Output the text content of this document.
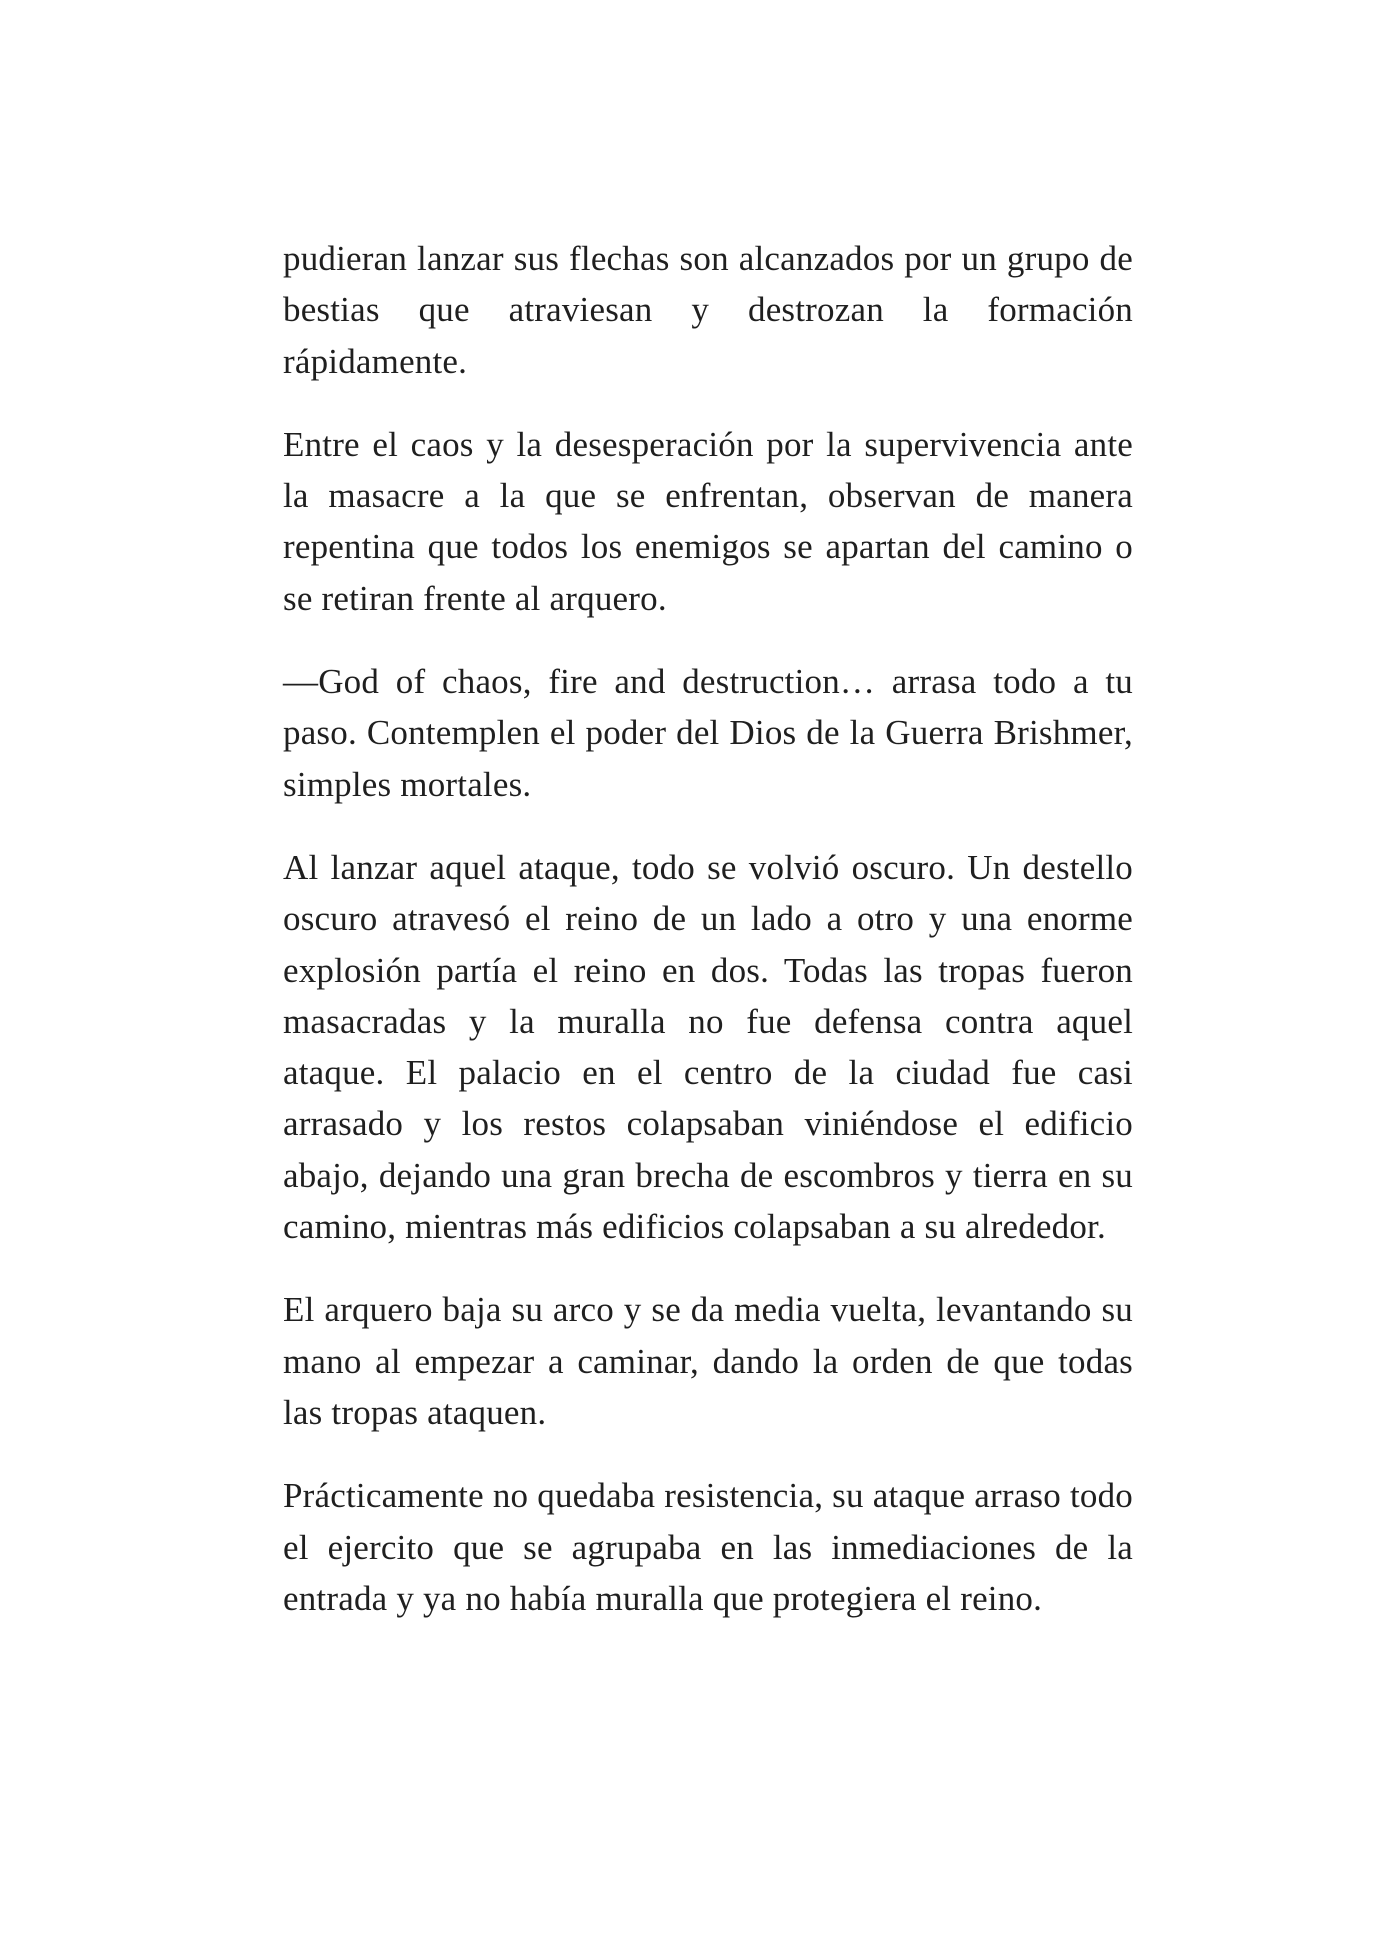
pudieran lanzar sus flechas son alcanzados por un grupo de bestias que atraviesan y destrozan la formación rápidamente.

Entre el caos y la desesperación por la supervivencia ante la masacre a la que se enfrentan, observan de manera repentina que todos los enemigos se apartan del camino o se retiran frente al arquero.

—God of chaos, fire and destruction… arrasa todo a tu paso. Contemplen el poder del Dios de la Guerra Brishmer, simples mortales.

Al lanzar aquel ataque, todo se volvió oscuro. Un destello oscuro atravesó el reino de un lado a otro y una enorme explosión partía el reino en dos. Todas las tropas fueron masacradas y la muralla no fue defensa contra aquel ataque. El palacio en el centro de la ciudad fue casi arrasado y los restos colapsaban viniéndose el edificio abajo, dejando una gran brecha de escombros y tierra en su camino, mientras más edificios colapsaban a su alrededor.

El arquero baja su arco y se da media vuelta, levantando su mano al empezar a caminar, dando la orden de que todas las tropas ataquen.

Prácticamente no quedaba resistencia, su ataque arraso todo el ejercito que se agrupaba en las inmediaciones de la entrada y ya no había muralla que protegiera el reino.
